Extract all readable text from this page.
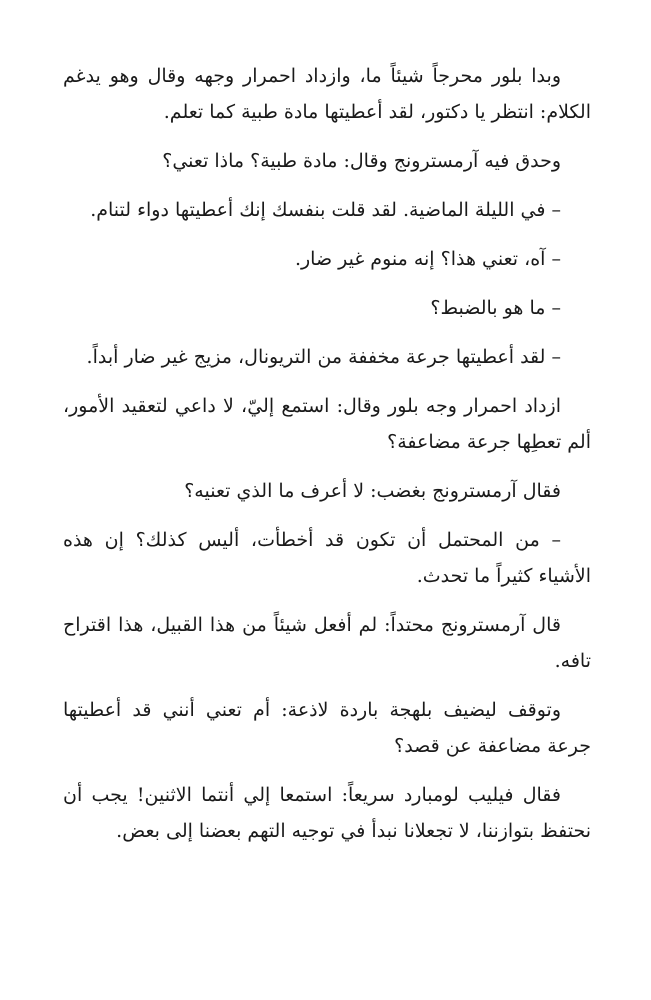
وبدا بلور محرجاً شيئاً ما، وازداد احمرار وجهه وقال وهو يدغم الكلام: انتظر يا دكتور، لقد أعطيتها مادة طبية كما تعلم.

وحدق فيه آرمسترونج وقال: مادة طبية؟ ماذا تعني؟

– في الليلة الماضية. لقد قلت بنفسك إنك أعطيتها دواء لتنام.

– آه، تعني هذا؟ إنه منوم غير ضار.

– ما هو بالضبط؟

– لقد أعطيتها جرعة مخففة من التريونال، مزيج غير ضار أبداً.

ازداد احمرار وجه بلور وقال: استمع إليّ، لا داعي لتعقيد الأمور، ألم تعطِها جرعة مضاعفة؟

فقال آرمسترونج بغضب: لا أعرف ما الذي تعنيه؟

– من المحتمل أن تكون قد أخطأت، أليس كذلك؟ إن هذه الأشياء كثيراً ما تحدث.

قال آرمسترونج محتداً: لم أفعل شيئاً من هذا القبيل، هذا اقتراح تافه.

وتوقف ليضيف بلهجة باردة لاذعة: أم تعني أنني قد أعطيتها جرعة مضاعفة عن قصد؟

فقال فيليب لومبارد سريعاً: استمعا إلي أنتما الاثنين! يجب أن نحتفظ بتوازننا، لا تجعلانا نبدأ في توجيه التهم بعضنا إلى بعض.
